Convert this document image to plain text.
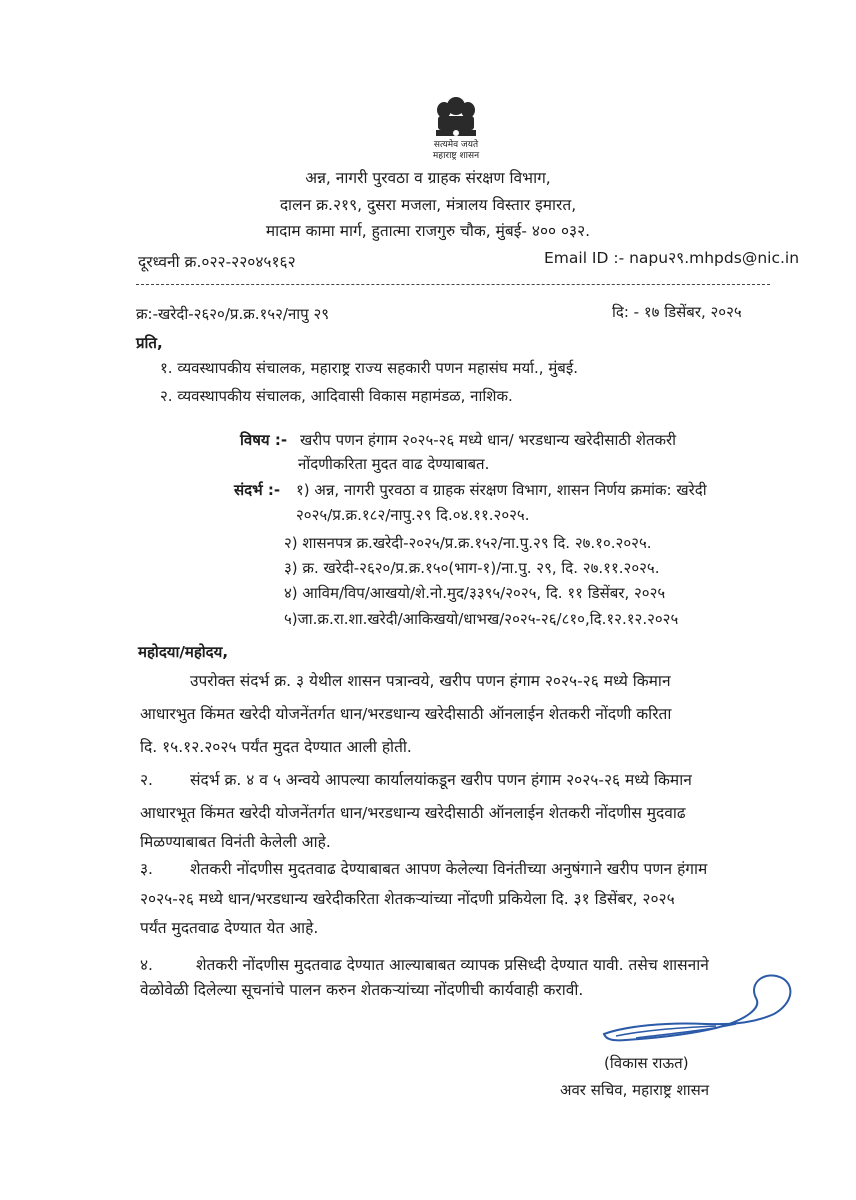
सत्यमेव जयते
महाराष्ट्र शासन
अन्न, नागरी पुरवठा व ग्राहक संरक्षण विभाग,
दालन क्र.२१९, दुसरा मजला, मंत्रालय विस्तार इमारत,
मादाम कामा मार्ग, हुतात्मा राजगुरु चौक, मुंबई- ४०० ०३२.
दूरध्वनी क्र.०२२-२२०४५१६२	Email ID :- napu२९.mhpds@nic.in
क्र:-खरेदी-२६२०/प्र.क्र.१५२/नापु २९	दि: - १७ डिसेंबर, २०२५
प्रति,
१. व्यवस्थापकीय संचालक, महाराष्ट्र राज्य सहकारी पणन महासंघ मर्या., मुंबई.
२. व्यवस्थापकीय संचालक, आदिवासी विकास महामंडळ, नाशिक.
विषय :- खरीप पणन हंगाम २०२५-२६ मध्ये धान/ भरडधान्य खरेदीसाठी शेतकरी
नोंदणीकरिता मुदत वाढ देण्याबाबत.
संदर्भ :- १) अन्न, नागरी पुरवठा व ग्राहक संरक्षण विभाग, शासन निर्णय क्रमांक: खरेदी
२०२५/प्र.क्र.१८२/नापु.२९ दि.०४.११.२०२५.
२) शासनपत्र क्र.खरेदी-२०२५/प्र.क्र.१५२/ना.पु.२९ दि. २७.१०.२०२५.
३) क्र. खरेदी-२६२०/प्र.क्र.१५०(भाग-१)/ना.पु. २९, दि. २७.११.२०२५.
४) आविम/विप/आखयो/शे.नो.मुद/३३९५/२०२५, दि. ११ डिसेंबर, २०२५
५)जा.क्र.रा.शा.खरेदी/आकिखयो/धाभख/२०२५-२६/८१०,दि.१२.१२.२०२५
महोदया/महोदय,
उपरोक्त संदर्भ क्र. ३ येथील शासन पत्रान्वये, खरीप पणन हंगाम २०२५-२६ मध्ये किमान
आधारभुत किंमत खरेदी योजनेंतर्गत धान/भरडधान्य खरेदीसाठी ऑनलाईन शेतकरी नोंदणी करिता
दि. १५.१२.२०२५ पर्यंत मुदत देण्यात आली होती.
२. संदर्भ क्र. ४ व ५ अन्वये आपल्या कार्यालयांकडून खरीप पणन हंगाम २०२५-२६ मध्ये किमान
आधारभूत किंमत खरेदी योजनेंतर्गत धान/भरडधान्य खरेदीसाठी ऑनलाईन शेतकरी नोंदणीस मुदवाढ
मिळण्याबाबत विनंती केलेली आहे.
३. शेतकरी नोंदणीस मुदतवाढ देण्याबाबत आपण केलेल्या विनंतीच्या अनुषंगाने खरीप पणन हंगाम
२०२५-२६ मध्ये धान/भरडधान्य खरेदीकरिता शेतकऱ्यांच्या नोंदणी प्रकियेला दि. ३१ डिसेंबर, २०२५
पर्यंत मुदतवाढ देण्यात येत आहे.
४.	शेतकरी नोंदणीस मुदतवाढ देण्यात आल्याबाबत व्यापक प्रसिध्दी देण्यात यावी. तसेच शासनाने
वेळोवेळी दिलेल्या सूचनांचे पालन करुन शेतकऱ्यांच्या नोंदणीची कार्यवाही करावी.
(विकास राऊत)
अवर सचिव, महाराष्ट्र शासन
